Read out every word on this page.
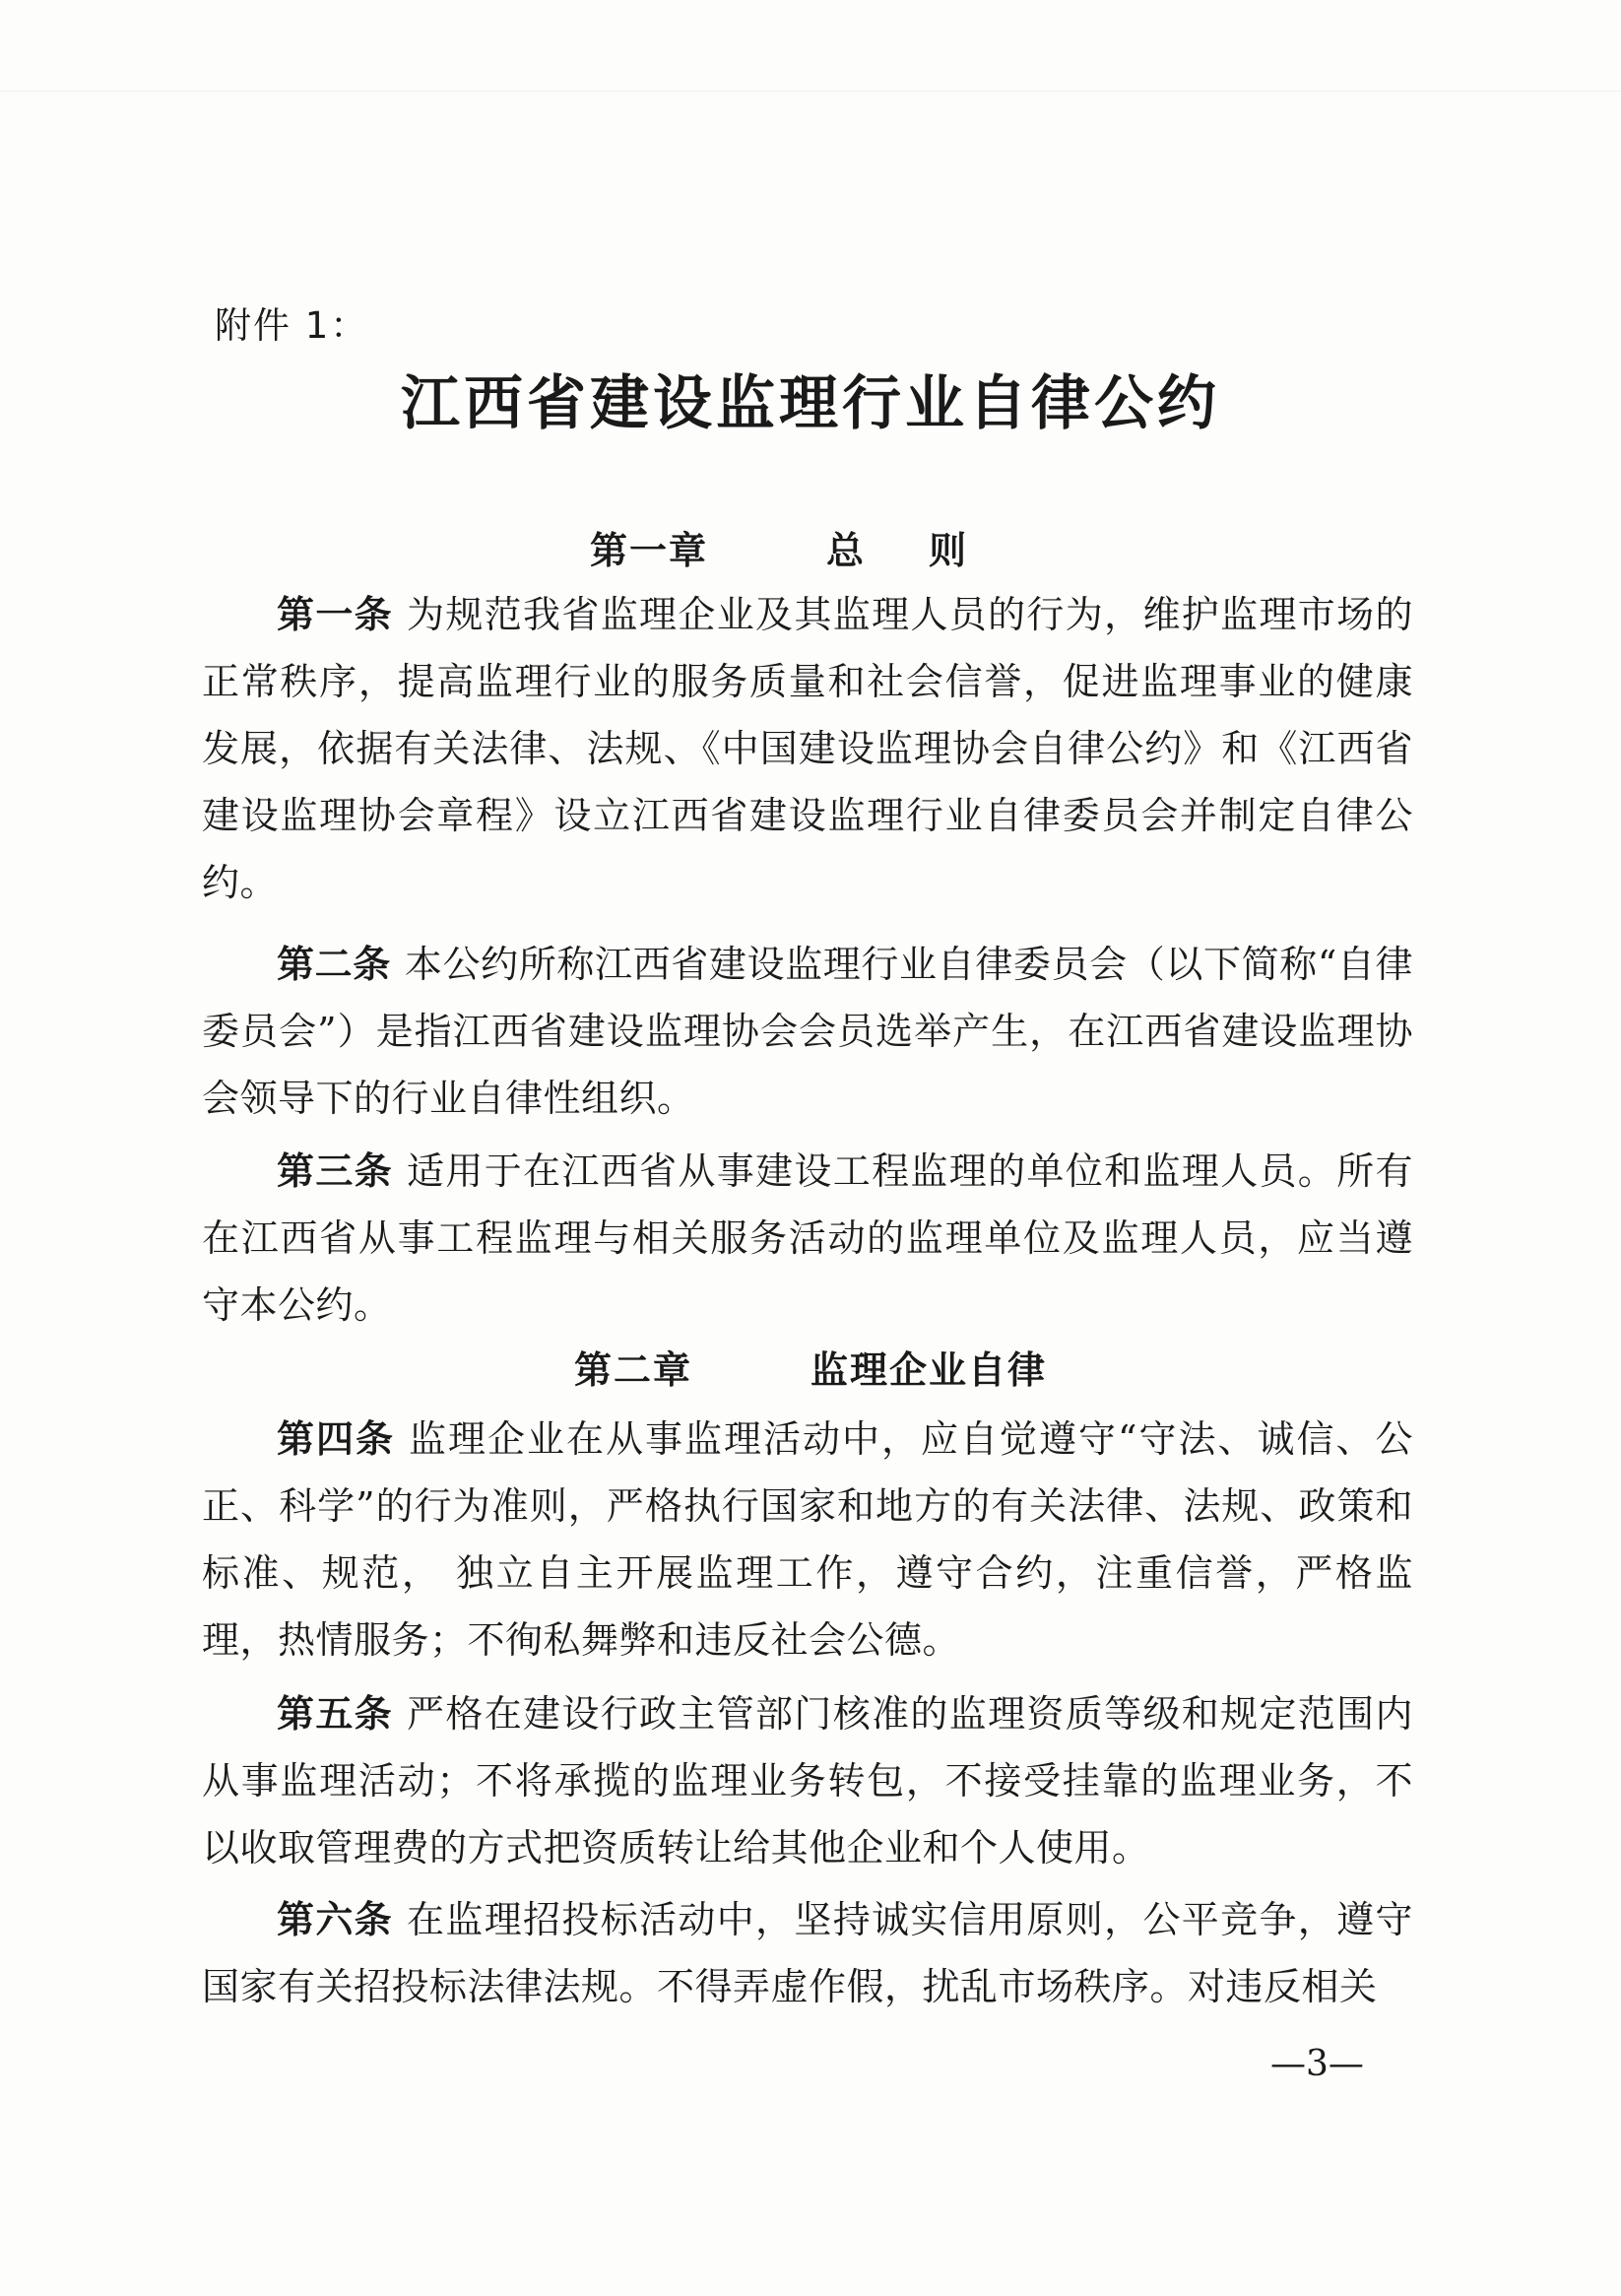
附件 1：
江西省建设监理行业自律公约
第一章	总则

第一条 为规范我省监理企业及其监理人员的行为，维护监理市场的正常秩序，提高监理行业的服务质量和社会信誉，促进监理事业的健康发展，依据有关法律、法规、《中国建设监理协会自律公约》和《江西省建设监理协会章程》设立江西省建设监理行业自律委员会并制定自律公约。

第二条 本公约所称江西省建设监理行业自律委员会（以下简称“自律委员会”）是指江西省建设监理协会会员选举产生，在江西省建设监理协会领导下的行业自律性组织。

第三条 适用于在江西省从事建设工程监理的单位和监理人员。所有在江西省从事工程监理与相关服务活动的监理单位及监理人员，应当遵守本公约。

第二章	监理企业自律

第四条 监理企业在从事监理活动中，应自觉遵守“守法、诚信、公正、科学”的行为准则，严格执行国家和地方的有关法律、法规、政策和标准、规范， 独立自主开展监理工作，遵守合约，注重信誉，严格监理，热情服务；不徇私舞弊和违反社会公德。

第五条 严格在建设行政主管部门核准的监理资质等级和规定范围内从事监理活动；不将承揽的监理业务转包，不接受挂靠的监理业务，不以收取管理费的方式把资质转让给其他企业和个人使用。

第六条 在监理招投标活动中，坚持诚实信用原则，公平竞争，遵守国家有关招投标法律法规。不得弄虚作假，扰乱市场秩序。对违反相关

—3—
